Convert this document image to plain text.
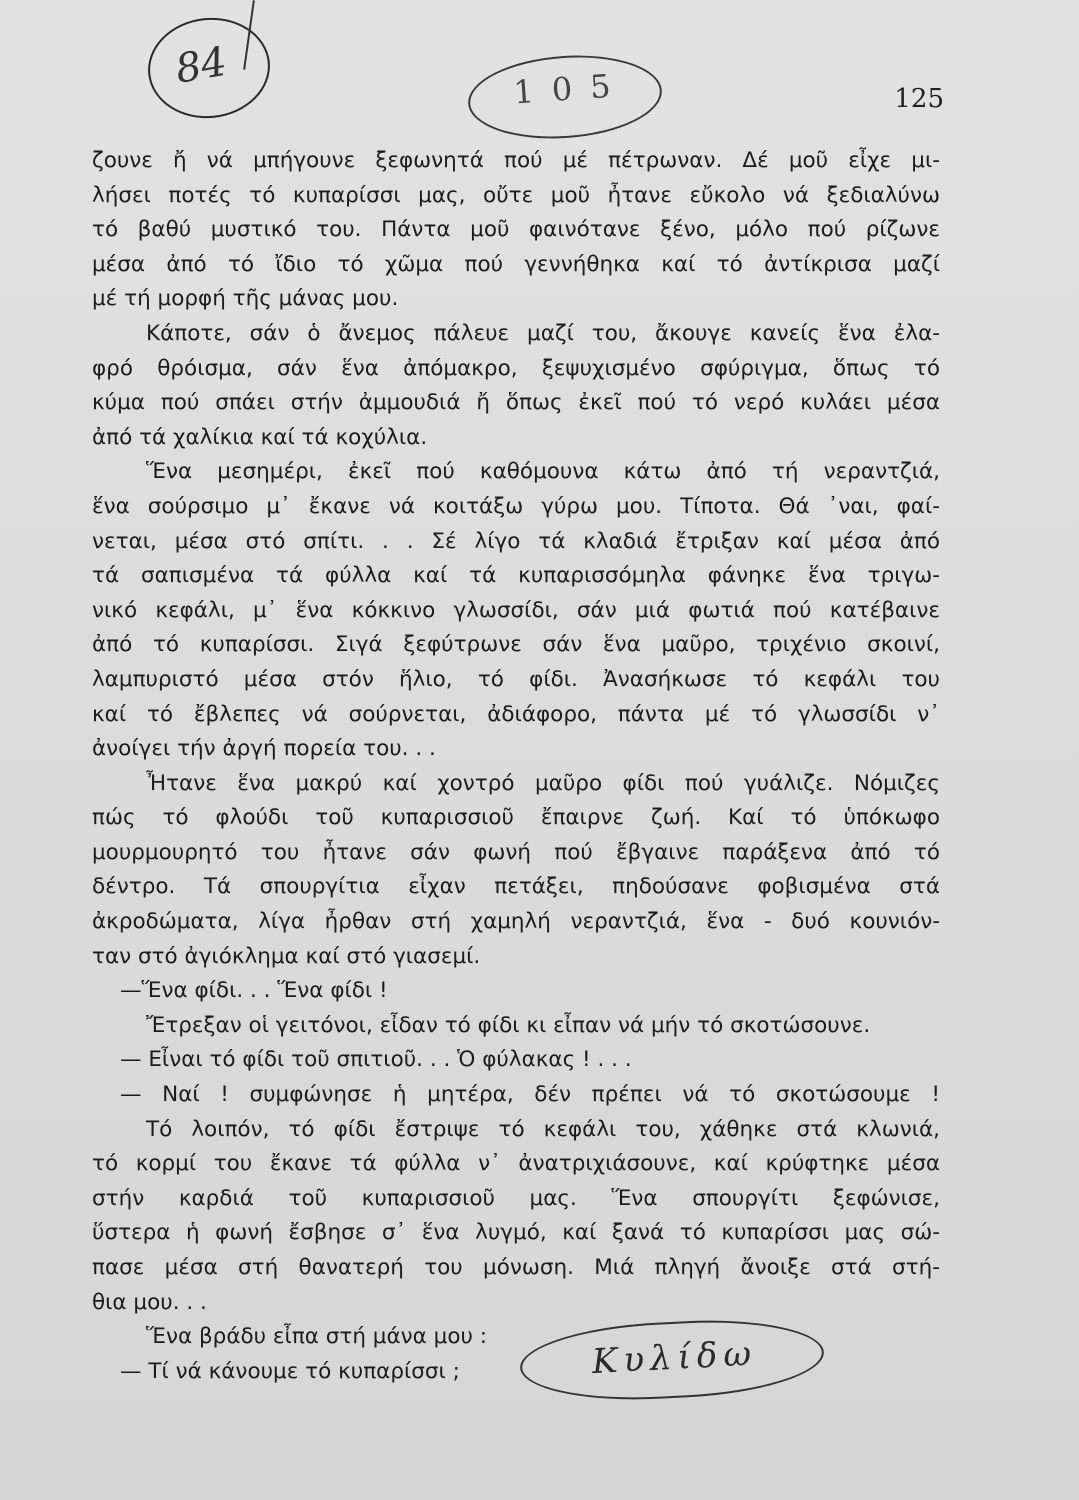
84	105	125
ζουνε ἤ νά μπήγουνε ξεφωνητά πού μέ πέτρωναν. Δέ μοῦ εἶχε μι-
λήσει ποτές τό κυπαρίσσι μας, οὔτε μοῦ ἦτανε εὔκολο νά ξεδιαλύνω
τό βαθύ μυστικό του. Πάντα μοῦ φαινότανε ξένο, μόλο πού ρίζωνε
μέσα ἀπό τό ἴδιο τό χῶμα πού γεννήθηκα καί τό ἀντίκρισα μαζί
μέ τή μορφή τῆς μάνας μου.
Κάποτε, σάν ὁ ἄνεμος πάλευε μαζί του, ἄκουγε κανείς ἕνα ἐλα-
φρό θρόισμα, σάν ἕνα ἀπόμακρο, ξεψυχισμένο σφύριγμα, ὅπως τό
κύμα πού σπάει στήν ἀμμουδιά ἤ ὅπως ἐκεῖ πού τό νερό κυλάει μέσα
ἀπό τά χαλίκια καί τά κοχύλια.
Ἕνα μεσημέρι, ἐκεῖ πού καθόμουνα κάτω ἀπό τή νεραντζιά,
ἕνα σούρσιμο μ᾽ ἔκανε νά κοιτάξω γύρω μου. Τίποτα. Θά ᾽ναι, φαί-
νεται, μέσα στό σπίτι. . . Σέ λίγο τά κλαδιά ἔτριξαν καί μέσα ἀπό
τά σαπισμένα τά φύλλα καί τά κυπαρισσόμηλα φάνηκε ἕνα τριγω-
νικό κεφάλι, μ᾽ ἕνα κόκκινο γλωσσίδι, σάν μιά φωτιά πού κατέβαινε
ἀπό τό κυπαρίσσι. Σιγά ξεφύτρωνε σάν ἕνα μαῦρο, τριχένιο σκοινί,
λαμπυριστό μέσα στόν ἥλιο, τό φίδι. Ἀνασήκωσε τό κεφάλι του
καί τό ἔβλεπες νά σούρνεται, ἀδιάφορο, πάντα μέ τό γλωσσίδι ν᾽
ἀνοίγει τήν ἀργή πορεία του. . .
Ἦτανε ἕνα μακρύ καί χοντρό μαῦρο φίδι πού γυάλιζε. Νόμιζες
πώς τό φλούδι τοῦ κυπαρισσιοῦ ἔπαιρνε ζωή. Καί τό ὑπόκωφο
μουρμουρητό του ἦτανε σάν φωνή πού ἔβγαινε παράξενα ἀπό τό
δέντρο. Τά σπουργίτια εἶχαν πετάξει, πηδούσανε φοβισμένα στά
ἀκροδώματα, λίγα ἦρθαν στή χαμηλή νεραντζιά, ἕνα - δυό κουνιόν-
ταν στό ἀγιόκλημα καί στό γιασεμί.
—Ἕνα φίδι. . . Ἕνα φίδι !
Ἔτρεξαν οἱ γειτόνοι, εἶδαν τό φίδι κι εἶπαν νά μήν τό σκοτώσουνε.
— Εἶναι τό φίδι τοῦ σπιτιοῦ. . . Ὁ φύλακας ! . . .
— Ναί ! συμφώνησε ἡ μητέρα, δέν πρέπει νά τό σκοτώσουμε !
Τό λοιπόν, τό φίδι ἔστριψε τό κεφάλι του, χάθηκε στά κλωνιά,
τό κορμί του ἔκανε τά φύλλα ν᾽ ἀνατριχιάσουνε, καί κρύφτηκε μέσα
στήν καρδιά τοῦ κυπαρισσιοῦ μας. Ἕνα σπουργίτι ξεφώνισε,
ὕστερα ἡ φωνή ἔσβησε σ᾽ ἕνα λυγμό, καί ξανά τό κυπαρίσσι μας σώ-
πασε μέσα στή θανατερή του μόνωση. Μιά πληγή ἄνοιξε στά στή-
θια μου. . .
Ἕνα βράδυ εἶπα στή μάνα μου :
— Τί νά κάνουμε τό κυπαρίσσι ;	Κυλίδω
